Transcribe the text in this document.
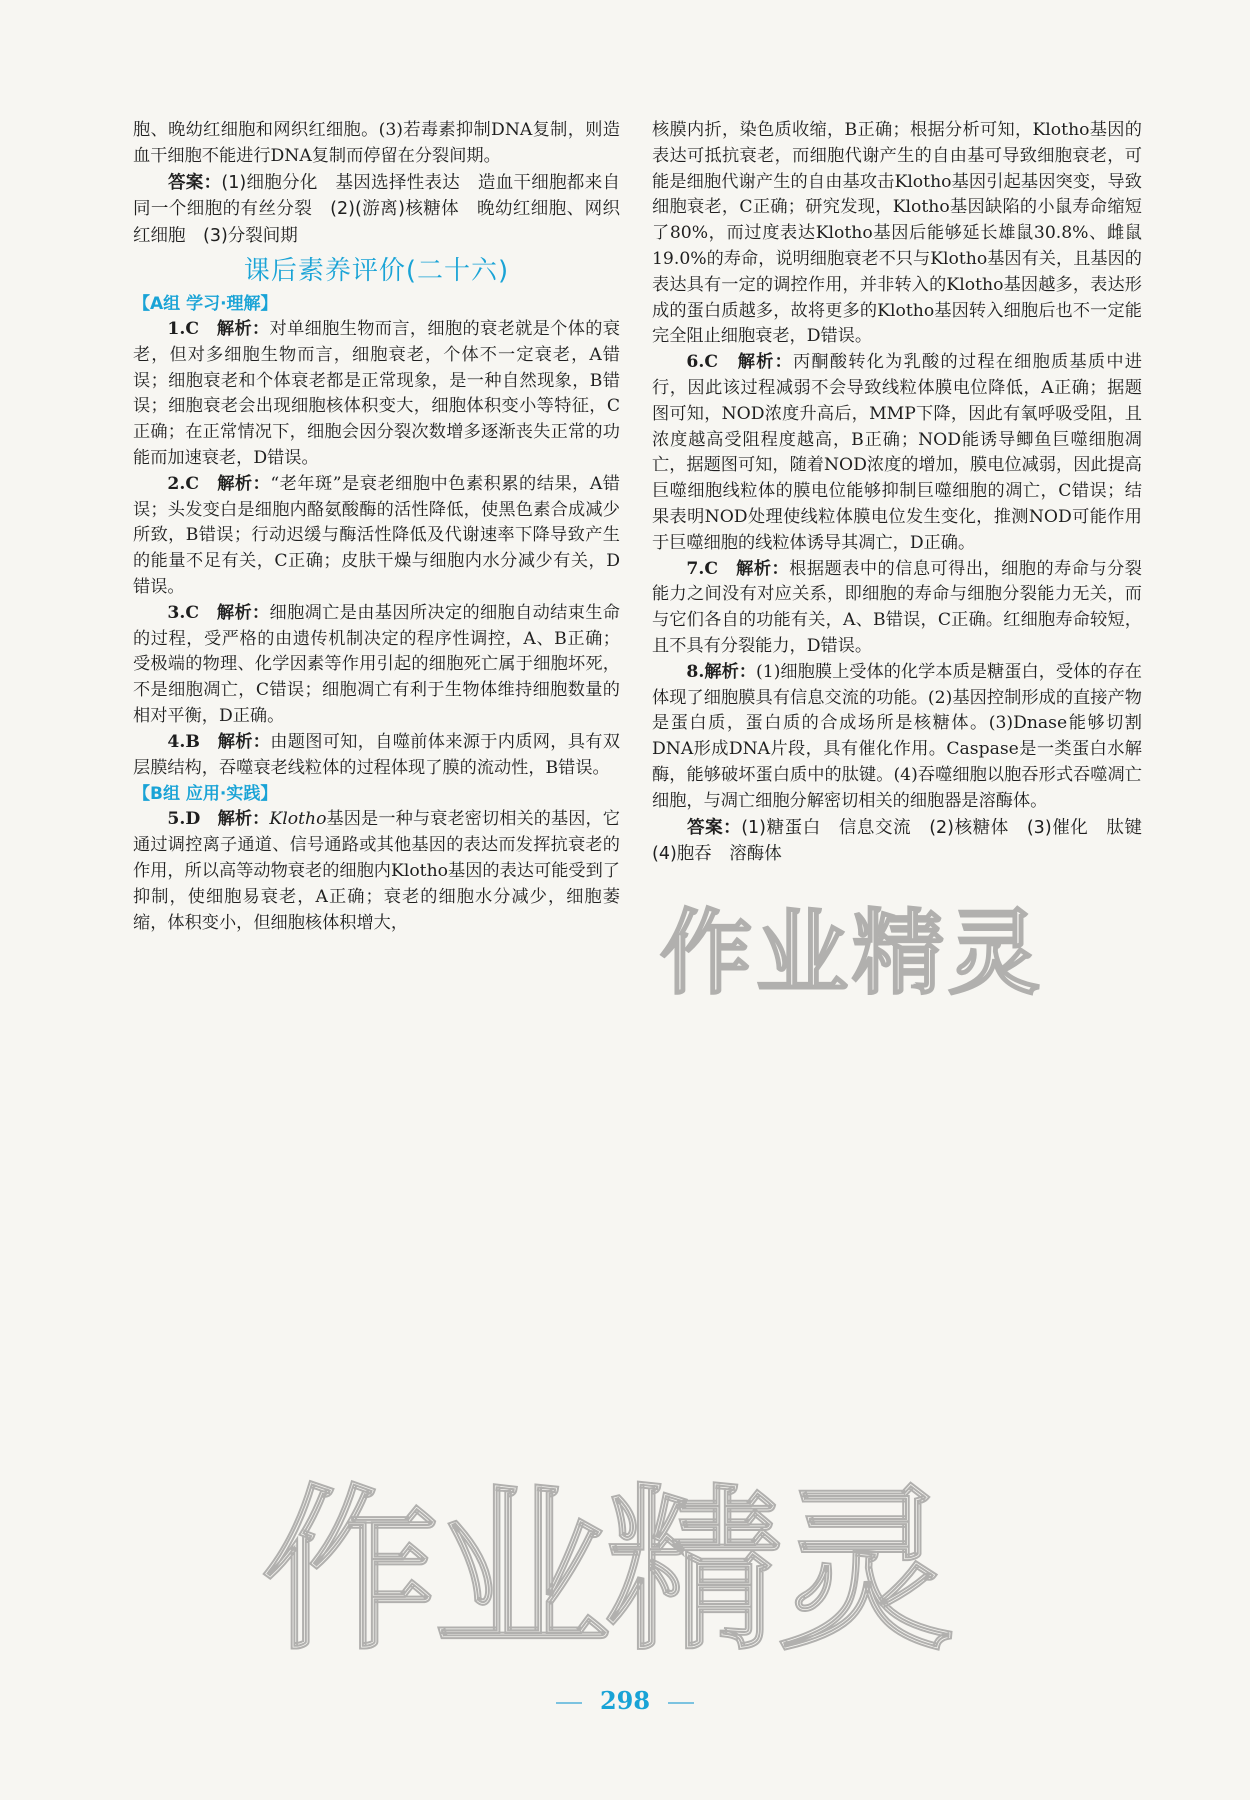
胞、晚幼红细胞和网织红细胞。(3)若毒素抑制DNA复制，则造血干细胞不能进行DNA复制而停留在分裂间期。

答案：(1)细胞分化　基因选择性表达　造血干细胞都来自同一个细胞的有丝分裂　(2)(游离)核糖体　晚幼红细胞、网织红细胞　(3)分裂间期

课后素养评价(二十六)
【A组 学习·理解】

1.C　 解析：对单细胞生物而言，细胞的衰老就是个体的衰老，但对多细胞生物而言，细胞衰老，个体不一定衰老，A错误；细胞衰老和个体衰老都是正常现象，是一种自然现象，B错误；细胞衰老会出现细胞核体积变大，细胞体积变小等特征，C正确；在正常情况下，细胞会因分裂次数增多逐渐丧失正常的功能而加速衰老，D错误。

2.C　 解析：“老年斑”是衰老细胞中色素积累的结果，A错误；头发变白是细胞内酪氨酸酶的活性降低，使黑色素合成减少所致，B错误；行动迟缓与酶活性降低及代谢速率下降导致产生的能量不足有关，C正确；皮肤干燥与细胞内水分减少有关，D错误。

3.C　 解析：细胞凋亡是由基因所决定的细胞自动结束生命的过程，受严格的由遗传机制决定的程序性调控，A、B正确；受极端的物理、化学因素等作用引起的细胞死亡属于细胞坏死，不是细胞凋亡，C错误；细胞凋亡有利于生物体维持细胞数量的相对平衡，D正确。

4.B　 解析：由题图可知，自噬前体来源于内质网，具有双层膜结构，吞噬衰老线粒体的过程体现了膜的流动性，B错误。

【B组 应用·实践】

5.D　 解析：Klotho基因是一种与衰老密切相关的基因，它通过调控离子通道、信号通路或其他基因的表达而发挥抗衰老的作用，所以高等动物衰老的细胞内Klotho基因的表达可能受到了抑制，使细胞易衰老，A正确；衰老的细胞水分减少，细胞萎缩，体积变小，但细胞核体积增大，

核膜内折，染色质收缩，B正确；根据分析可知，Klotho基因的表达可抵抗衰老，而细胞代谢产生的自由基可导致细胞衰老，可能是细胞代谢产生的自由基攻击Klotho基因引起基因突变，导致细胞衰老，C正确；研究发现，Klotho基因缺陷的小鼠寿命缩短了80%，而过度表达Klotho基因后能够延长雄鼠30.8%、雌鼠19.0%的寿命，说明细胞衰老不只与Klotho基因有关，且基因的表达具有一定的调控作用，并非转入的Klotho基因越多，表达形成的蛋白质越多，故将更多的Klotho基因转入细胞后也不一定能完全阻止细胞衰老，D错误。

6.C　 解析：丙酮酸转化为乳酸的过程在细胞质基质中进行，因此该过程减弱不会导致线粒体膜电位降低，A正确；据题图可知，NOD浓度升高后，MMP下降，因此有氧呼吸受阻，且浓度越高受阻程度越高，B正确；NOD能诱导鲫鱼巨噬细胞凋亡，据题图可知，随着NOD浓度的增加，膜电位减弱，因此提高巨噬细胞线粒体的膜电位能够抑制巨噬细胞的凋亡，C错误；结果表明NOD处理使线粒体膜电位发生变化，推测NOD可能作用于巨噬细胞的线粒体诱导其凋亡，D正确。

7.C　 解析：根据题表中的信息可得出，细胞的寿命与分裂能力之间没有对应关系，即细胞的寿命与细胞分裂能力无关，而与它们各自的功能有关，A、B错误，C正确。红细胞寿命较短，且不具有分裂能力，D错误。

8.解析：(1)细胞膜上受体的化学本质是糖蛋白，受体的存在体现了细胞膜具有信息交流的功能。(2)基因控制形成的直接产物是蛋白质，蛋白质的合成场所是核糖体。(3)Dnase能够切割DNA形成DNA片段，具有催化作用。Caspase是一类蛋白水解酶，能够破坏蛋白质中的肽键。(4)吞噬细胞以胞吞形式吞噬凋亡细胞，与凋亡细胞分解密切相关的细胞器是溶酶体。

答案：(1)糖蛋白　信息交流　(2)核糖体　(3)催化　肽键　(4)胞吞　溶酶体

作业精灵
作业精灵
298
